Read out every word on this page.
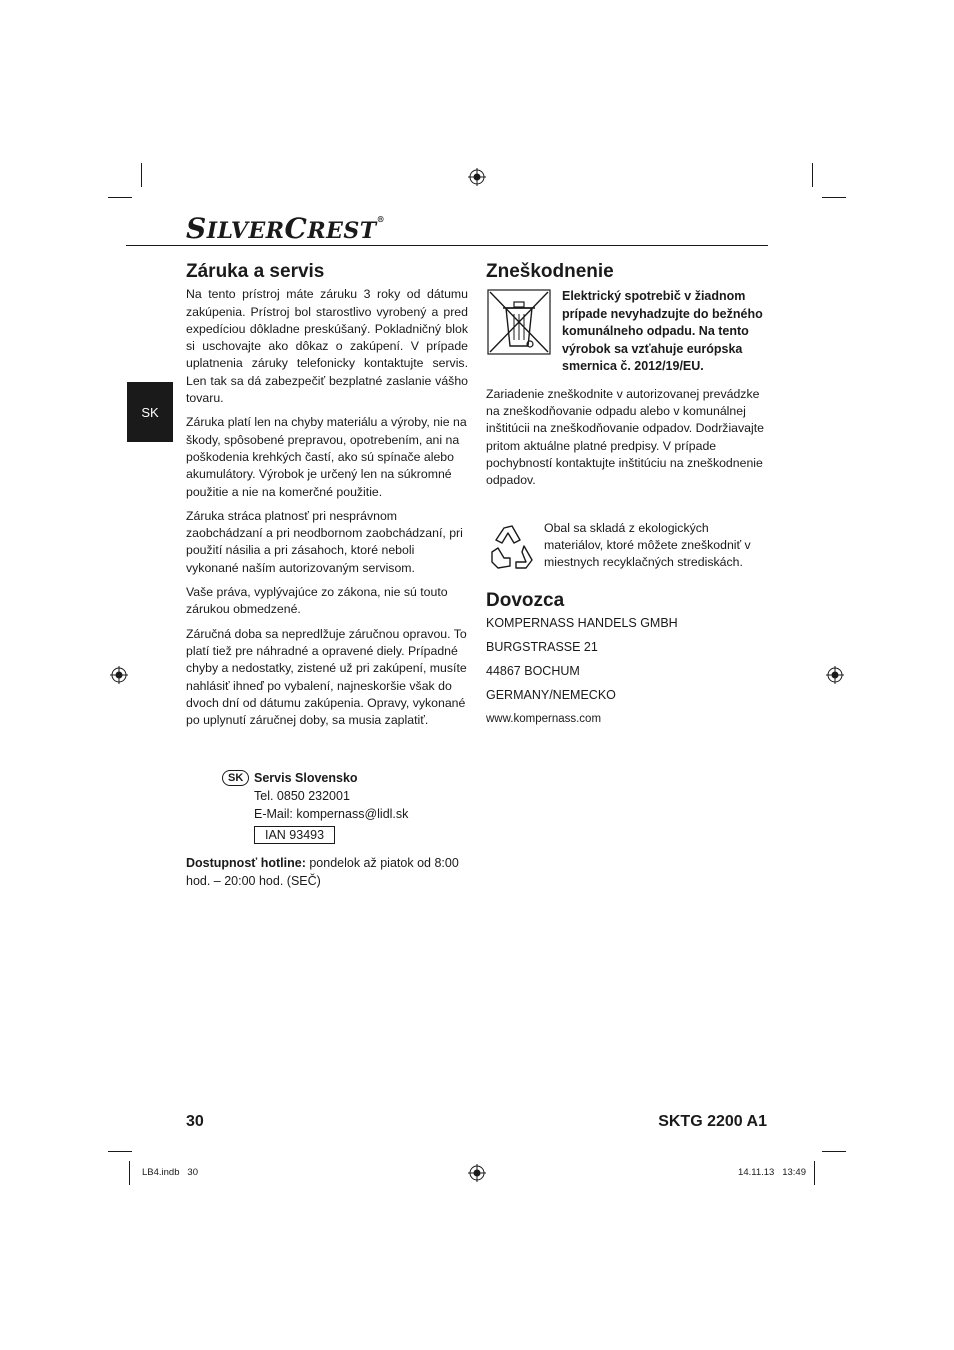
SILVERCREST®
SK
Záruka a servis

Na tento prístroj máte záruku 3 roky od dátumu zakúpenia. Prístroj bol starostlivo vyrobený a pred expedíciou dôkladne preskúšaný. Pokladničný blok si uschovajte ako dôkaz o zakúpení. V prípade uplatnenia záruky telefonicky kontaktujte servis. Len tak sa dá zabezpečiť bezplatné zaslanie vášho tovaru.

Záruka platí len na chyby materiálu a výroby, nie na škody, spôsobené prepravou, opotrebením, ani na poškodenia krehkých častí, ako sú spínače alebo akumulátory. Výrobok je určený len na súkromné použitie a nie na komerčné použitie.

Záruka stráca platnosť pri nesprávnom zaobchádzaní a pri neodbornom zaobchádzaní, pri použití násilia a pri zásahoch, ktoré neboli vykonané naším autorizovaným servisom.

Vaše práva, vyplývajúce zo zákona, nie sú touto zárukou obmedzené.

Záručná doba sa nepredlžuje záručnou opravou. To platí tiež pre náhradné a opravené diely. Prípadné chyby a nedostatky, zistené už pri zakúpení, musíte nahlásiť ihneď po vybalení, najneskoršie však do dvoch dní od dátumu zakúpenia. Opravy, vykonané po uplynutí záručnej doby, sa musia zaplatiť.

SK Servis Slovensko
Tel. 0850 232001
E-Mail: kompernass@lidl.sk
IAN 93493
Dostupnosť hotline: pondelok až piatok od 8:00 hod. – 20:00 hod. (SEČ)
Zneškodnenie
Elektrický spotrebič v žiadnom prípade nevyhadzujte do bežného komunálneho odpadu. Na tento výrobok sa vzťahuje európska smernica č. 2012/19/EU.

Zariadenie zneškodnite v autorizovanej prevádzke na zneškodňovanie odpadu alebo v komunálnej inštitúcii na zneškodňovanie odpadov. Dodržiavajte pritom aktuálne platné predpisy. V prípade pochybností kontaktujte inštitúciu na zneškodnenie odpadov.

Obal sa skladá z ekologických materiálov, ktoré môžete zneškodniť v miestnych recyklačných strediskách.
Dovozca

KOMPERNASS HANDELS GMBH

BURGSTRASSE 21

44867 BOCHUM

GERMANY/NEMECKO

www.kompernass.com

30	SKTG 2200 A1
LB4.indb   30	14.11.13   13:49
